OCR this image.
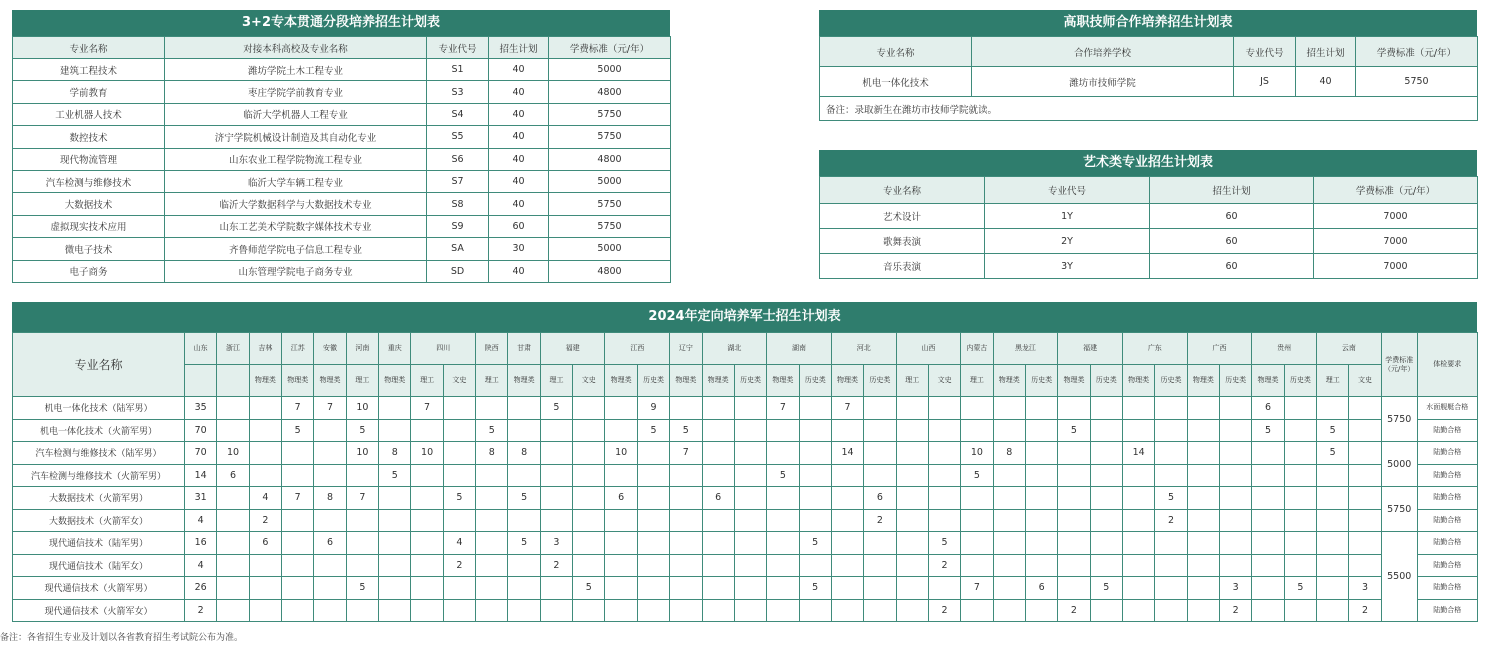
3+2专本贯通分段培养招生计划表
专业名称	对接本科高校及专业名称	专业代号	招生计划	学费标准（元/年）
建筑工程技术	潍坊学院土木工程专业	S1	40	5000
学前教育	枣庄学院学前教育专业	S3	40	4800
工业机器人技术	临沂大学机器人工程专业	S4	40	5750
数控技术	济宁学院机械设计制造及其自动化专业	S5	40	5750
现代物流管理	山东农业工程学院物流工程专业	S6	40	4800
汽车检测与维修技术	临沂大学车辆工程专业	S7	40	5000
大数据技术	临沂大学数据科学与大数据技术专业	S8	40	5750
虚拟现实技术应用	山东工艺美术学院数字媒体技术专业	S9	60	5750
微电子技术	齐鲁师范学院电子信息工程专业	SA	30	5000
电子商务	山东管理学院电子商务专业	SD	40	4800
高职技师合作培养招生计划表
专业名称	合作培养学校	专业代号	招生计划	学费标准（元/年）
机电一体化技术	潍坊市技师学院	JS	40	5750
备注：录取新生在潍坊市技师学院就读。				
艺术类专业招生计划表
专业名称	专业代号	招生计划	学费标准（元/年）
艺术设计	1Y	60	7000
歌舞表演	2Y	60	7000
音乐表演	3Y	60	7000
2024年定向培养军士招生计划表
专业名称	山东	浙江	吉林	江苏	安徽	河南	重庆	四川		陕西	甘肃	福建		江西		辽宁	湖北		湖南		河北		山西		内蒙古	黑龙江		福建		广东		广西		贵州		云南		学费标准（元/年）	体检要求
			物理类	物理类	物理类	理工	物理类	理工	文史	理工	物理类	理工	文史	物理类	历史类	物理类	物理类	历史类	物理类	历史类	物理类	历史类	理工	文史	理工	物理类	历史类	物理类	历史类	物理类	历史类	物理类	历史类	物理类	历史类	理工	文史		
机电一体化技术（陆军男）	35			7	7	10		7				5			9				7		7													6				5750	水面舰艇合格
机电一体化技术（火箭军男）	70			5		5				5					5	5												5						5		5			陆勤合格
汽车检测与维修技术（陆军男）	70	10				10	8	10		8	8			10		7					14				10	8				14						5		5000	陆勤合格
汽车检测与维修技术（火箭军男）	14	6					5												5						5														陆勤合格
大数据技术（火箭军男）	31		4	7	8	7			5		5			6			6					6									5							5750	陆勤合格
大数据技术（火箭军女）	4		2																			2									2								陆勤合格
现代通信技术（陆军男）	16		6		6				4		5	3								5				5														5500	陆勤合格
现代通信技术（陆军女）	4								2			2												2															陆勤合格
现代通信技术（火箭军男）	26					5							5							5					7		6		5				3		5		3		陆勤合格
现代通信技术（火箭军女）	2																							2				2					2				2		陆勤合格
备注：各省招生专业及计划以各省教育招生考试院公布为准。
